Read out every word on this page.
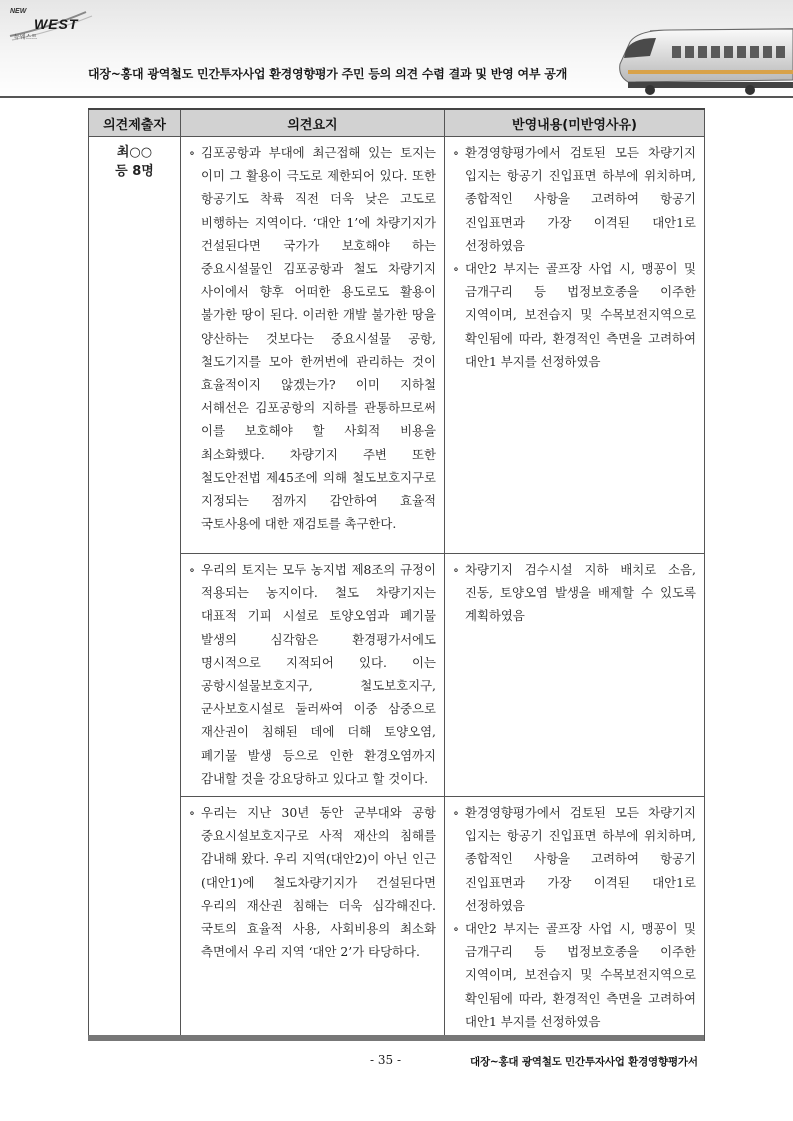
NEW
WEST
뉴웨스트
대장~홍대 광역철도 민간투자사업 환경영향평가 주민 등의 의견 수렴 결과 및 반영 여부 공개
의견제출자	의견요지	반영내용(미반영사유)
최○○
등 8명	∘ 김포공항과 부대에 최근접해 있는 토지는 이미 그 활용이 극도로 제한되어 있다. 또한 항공기도 착륙 직전 더욱 낮은 고도로 비행하는 지역이다. ‘대안 1’에 차량기지가 건설된다면 국가가 보호해야 하는 중요시설물인 김포공항과 철도 차량기지 사이에서 향후 어떠한 용도로도 활용이 불가한 땅이 된다. 이러한 개발 불가한 땅을 양산하는 것보다는 중요시설물 공항, 철도기지를 모아 한꺼번에 관리하는 것이 효율적이지 않겠는가? 이미 지하철 서해선은 김포공항의 지하를 관통하므로써 이를 보호해야 할 사회적 비용을 최소화했다. 차량기지 주변 또한 철도안전법 제45조에 의해 철도보호지구로 지정되는 점까지 감안하여 효율적 국토사용에 대한 재검토를 촉구한다.	∘ 환경영향평가에서 검토된 모든 차량기지 입지는 항공기 진입표면 하부에 위치하며, 종합적인 사항을 고려하여 항공기 진입표면과 가장 이격된 대안1로 선정하였음
∘ 대안2 부지는 골프장 사업 시, 맹꽁이 및 금개구리 등 법정보호종을 이주한 지역이며, 보전습지 및 수목보전지역으로 확인됨에 따라, 환경적인 측면을 고려하여 대안1 부지를 선정하였음

	∘ 우리의 토지는 모두 농지법 제8조의 규정이 적용되는 농지이다. 철도 차량기지는 대표적 기피 시설로 토양오염과 폐기물 발생의 심각함은 환경평가서에도 명시적으로 지적되어 있다. 이는 공항시설물보호지구, 철도보호지구, 군사보호시설로 둘러싸여 이중 삼중으로 재산권이 침해된 데에 더해 토양오염, 폐기물 발생 등으로 인한 환경오염까지 감내할 것을 강요당하고 있다고 할 것이다.	∘ 차량기지 검수시설 지하 배치로 소음, 진동, 토양오염 발생을 배제할 수 있도록 계획하였음

	∘ 우리는 지난 30년 동안 군부대와 공항 중요시설보호지구로 사적 재산의 침해를 감내해 왔다. 우리 지역(대안2)이 아닌 인근(대안1)에 철도차량기지가 건설된다면 우리의 재산권 침해는 더욱 심각해진다. 국토의 효율적 사용, 사회비용의 최소화 측면에서 우리 지역 ‘대안 2’가 타당하다.	∘ 환경영향평가에서 검토된 모든 차량기지 입지는 항공기 진입표면 하부에 위치하며, 종합적인 사항을 고려하여 항공기 진입표면과 가장 이격된 대안1로 선정하였음
∘ 대안2 부지는 골프장 사업 시, 맹꽁이 및 금개구리 등 법정보호종을 이주한 지역이며, 보전습지 및 수목보전지역으로 확인됨에 따라, 환경적인 측면을 고려하여 대안1 부지를 선정하였음
- 35 -	대장~홍대 광역철도 민간투자사업 환경영향평가서
